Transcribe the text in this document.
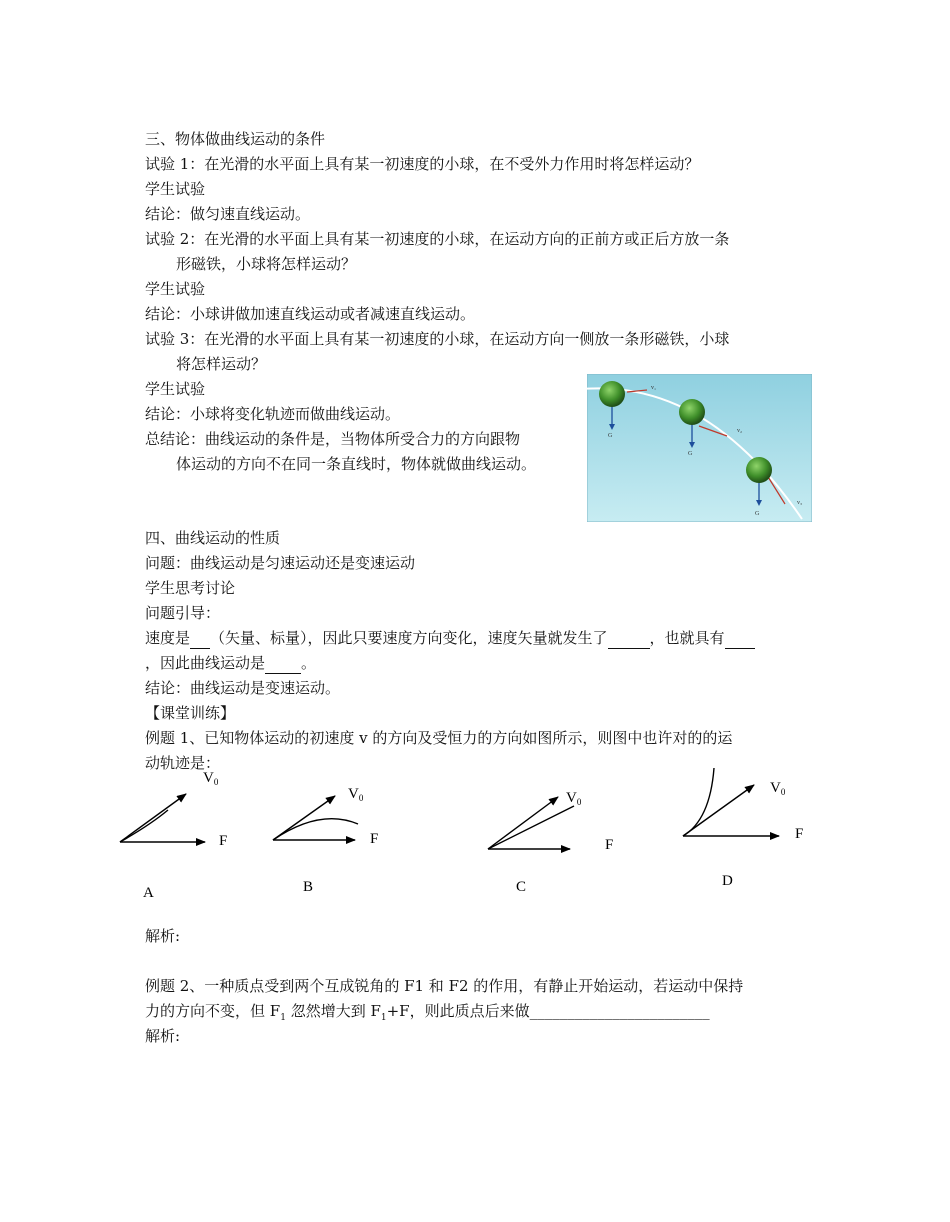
三、物体做曲线运动的条件
试验 1：在光滑的水平面上具有某一初速度的小球，在不受外力作用时将怎样运动？
学生试验
结论：做匀速直线运动。
试验 2：在光滑的水平面上具有某一初速度的小球，在运动方向的正前方或正后方放一条
形磁铁，小球将怎样运动？
学生试验
结论：小球讲做加速直线运动或者减速直线运动。
试验 3：在光滑的水平面上具有某一初速度的小球，在运动方向一侧放一条形磁铁，小球
将怎样运动？
学生试验
结论：小球将变化轨迹而做曲线运动。
总结论：曲线运动的条件是，当物体所受合力的方向跟物
体运动的方向不在同一条直线时，物体就做曲线运动。
G
G
G
v₁
v₂
v₃
四、曲线运动的性质
问题：曲线运动是匀速运动还是变速运动
学生思考讨论
问题引导：
速度是 （矢量、标量），因此只要速度方向变化，速度矢量就发生了	，也就具有
，因此曲线运动是 。
结论：曲线运动是变速运动。
【课堂训练】
例题 1、已知物体运动的初速度 v 的方向及受恒力的方向如图所示，则图中也许对的的运
动轨迹是：
$V_0$
F
A
$V_0$
F
B
$V_0$
F
C
$V_0$
F
D
解析:
例题 2、一种质点受到两个互成锐角的 F1 和 F2 的作用，有静止开始运动，若运动中保持
力的方向不变，但 $F_1$ 忽然增大到 $F_1+F$，则此质点后来做________________________
解析:
